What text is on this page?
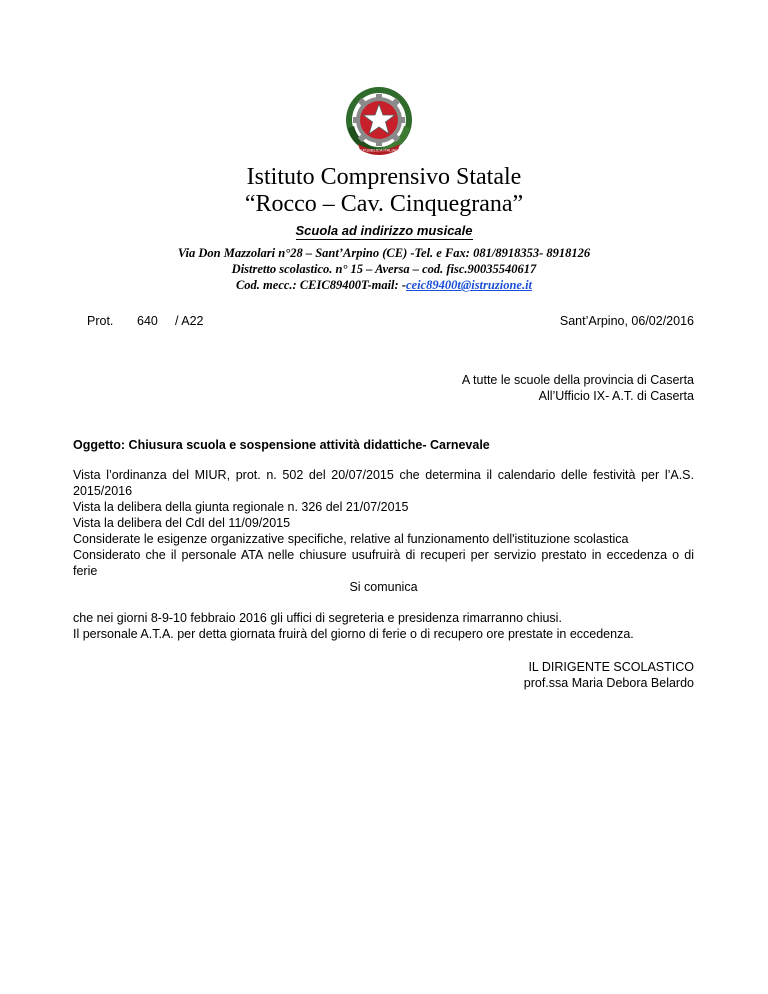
REPUBBLICA ITALIANA
Istituto Comprensivo Statale
“Rocco – Cav. Cinquegrana”
Scuola ad indirizzo musicale
Via Don Mazzolari n°28 – Sant’Arpino (CE) -Tel. e Fax: 081/8918353- 8918126
Distretto scolastico. n° 15 – Aversa – cod. fisc.90035540617
Cod. mecc.: CEIC89400T-mail: -ceic89400t@istruzione.it
Prot. 640 / A22	Sant’Arpino, 06/02/2016
A tutte le scuole della provincia di Caserta
All’Ufficio IX- A.T. di Caserta
Oggetto: Chiusura scuola e sospensione attività didattiche- Carnevale
Vista l’ordinanza del MIUR, prot. n. 502 del 20/07/2015 che determina il calendario delle festività per l’A.S. 2015/2016
Vista la delibera della giunta regionale n. 326 del 21/07/2015
Vista la delibera del CdI del 11/09/2015
Considerate le esigenze organizzative specifiche, relative al funzionamento dell'istituzione scolastica
Considerato che il personale ATA nelle chiusure usufruirà di recuperi per servizio prestato in eccedenza o di ferie
Si comunica
che nei giorni 8-9-10 febbraio 2016 gli uffici di segreteria e presidenza rimarranno chiusi.
Il personale A.T.A. per detta giornata fruirà del giorno di ferie o di recupero ore prestate in eccedenza.
IL DIRIGENTE SCOLASTICO
prof.ssa Maria Debora Belardo
